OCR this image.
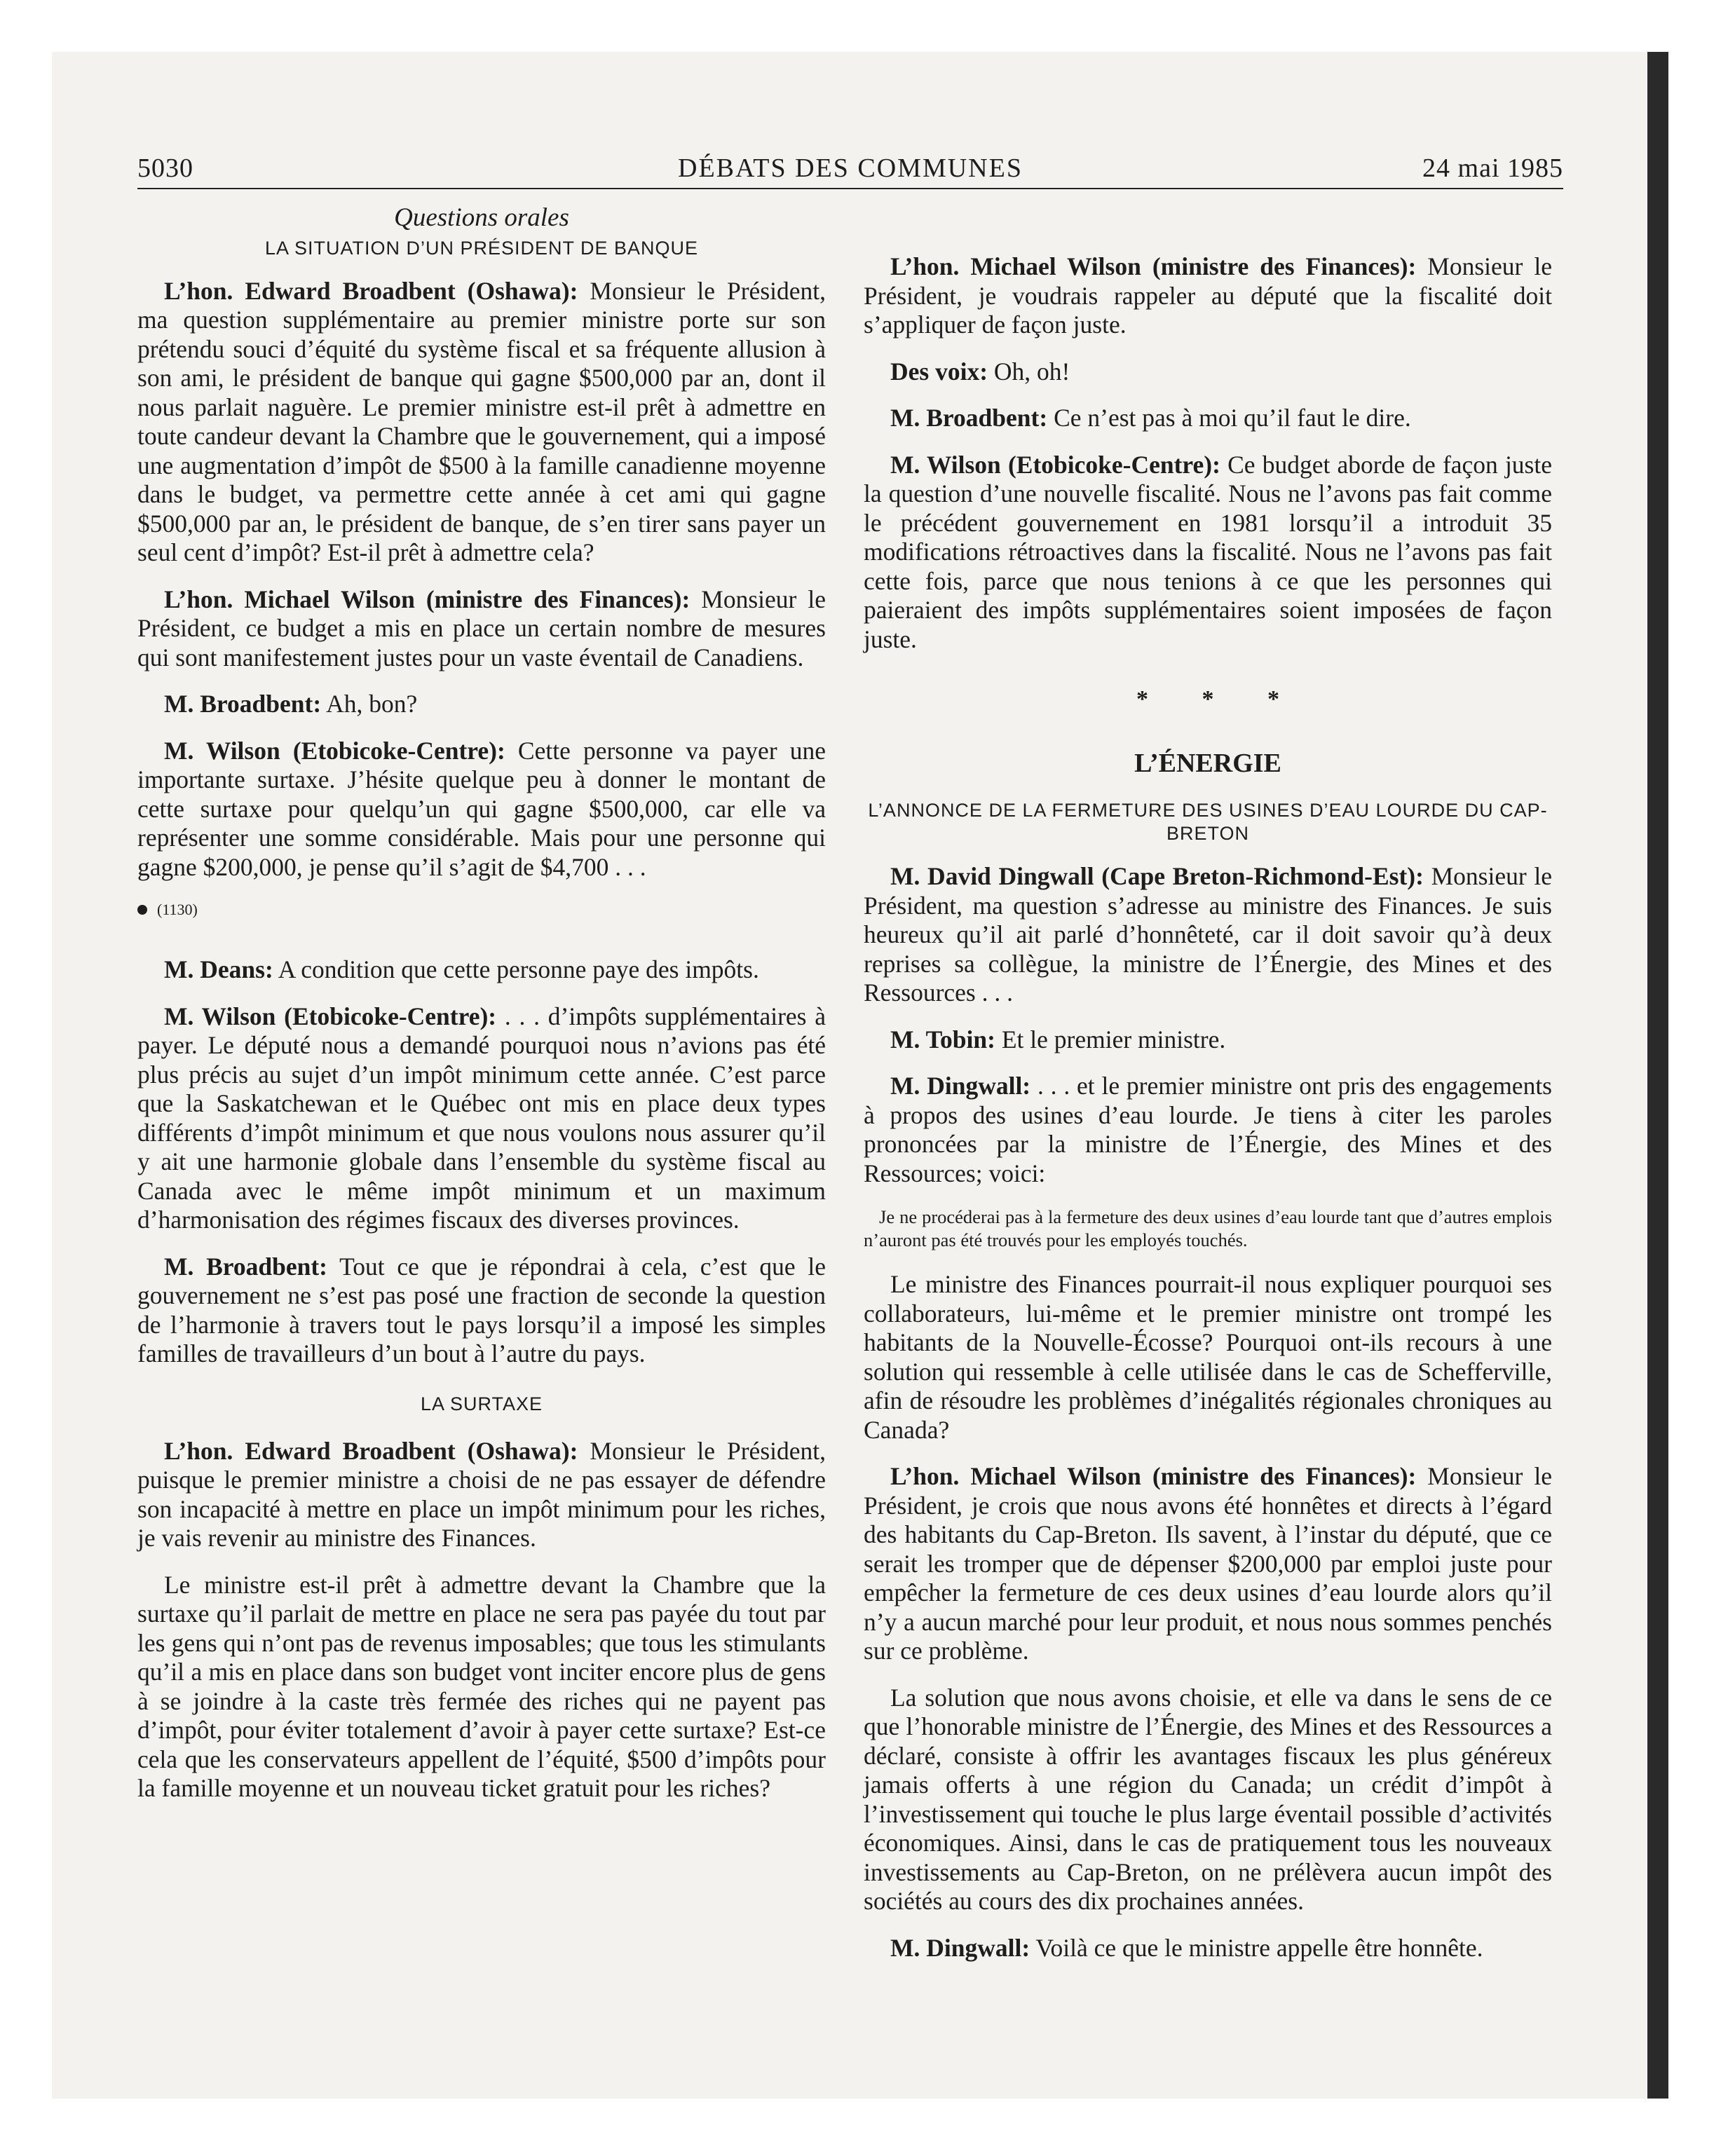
5030	DÉBATS DES COMMUNES	24 mai 1985
Questions orales
LA SITUATION D’UN PRÉSIDENT DE BANQUE

L’hon. Edward Broadbent (Oshawa): Monsieur le Président, ma question supplémentaire au premier ministre porte sur son prétendu souci d’équité du système fiscal et sa fréquente allusion à son ami, le président de banque qui gagne $500,000 par an, dont il nous parlait naguère. Le premier ministre est-il prêt à admettre en toute candeur devant la Chambre que le gouvernement, qui a imposé une augmentation d’impôt de $500 à la famille canadienne moyenne dans le budget, va permettre cette année à cet ami qui gagne $500,000 par an, le président de banque, de s’en tirer sans payer un seul cent d’impôt? Est-il prêt à admettre cela?

L’hon. Michael Wilson (ministre des Finances): Monsieur le Président, ce budget a mis en place un certain nombre de mesures qui sont manifestement justes pour un vaste éventail de Canadiens.

M. Broadbent: Ah, bon?

M. Wilson (Etobicoke-Centre): Cette personne va payer une importante surtaxe. J’hésite quelque peu à donner le montant de cette surtaxe pour quelqu’un qui gagne $500,000, car elle va représenter une somme considérable. Mais pour une personne qui gagne $200,000, je pense qu’il s’agit de $4,700 . . .

(1130)

M. Deans: A condition que cette personne paye des impôts.

M. Wilson (Etobicoke-Centre): . . . d’impôts supplémentaires à payer. Le député nous a demandé pourquoi nous n’avions pas été plus précis au sujet d’un impôt minimum cette année. C’est parce que la Saskatchewan et le Québec ont mis en place deux types différents d’impôt minimum et que nous voulons nous assurer qu’il y ait une harmonie globale dans l’ensemble du système fiscal au Canada avec le même impôt minimum et un maximum d’harmonisation des régimes fiscaux des diverses provinces.

M. Broadbent: Tout ce que je répondrai à cela, c’est que le gouvernement ne s’est pas posé une fraction de seconde la question de l’harmonie à travers tout le pays lorsqu’il a imposé les simples familles de travailleurs d’un bout à l’autre du pays.

LA SURTAXE

L’hon. Edward Broadbent (Oshawa): Monsieur le Président, puisque le premier ministre a choisi de ne pas essayer de défendre son incapacité à mettre en place un impôt minimum pour les riches, je vais revenir au ministre des Finances.

Le ministre est-il prêt à admettre devant la Chambre que la surtaxe qu’il parlait de mettre en place ne sera pas payée du tout par les gens qui n’ont pas de revenus imposables; que tous les stimulants qu’il a mis en place dans son budget vont inciter encore plus de gens à se joindre à la caste très fermée des riches qui ne payent pas d’impôt, pour éviter totalement d’avoir à payer cette surtaxe? Est-ce cela que les conservateurs appellent de l’équité, $500 d’impôts pour la famille moyenne et un nouveau ticket gratuit pour les riches?

L’hon. Michael Wilson (ministre des Finances): Monsieur le Président, je voudrais rappeler au député que la fiscalité doit s’appliquer de façon juste.

Des voix: Oh, oh!

M. Broadbent: Ce n’est pas à moi qu’il faut le dire.

M. Wilson (Etobicoke-Centre): Ce budget aborde de façon juste la question d’une nouvelle fiscalité. Nous ne l’avons pas fait comme le précédent gouvernement en 1981 lorsqu’il a introduit 35 modifications rétroactives dans la fiscalité. Nous ne l’avons pas fait cette fois, parce que nous tenions à ce que les personnes qui paieraient des impôts supplémentaires soient imposées de façon juste.

* * *
L’ÉNERGIE
L’ANNONCE DE LA FERMETURE DES USINES D’EAU LOURDE DU CAP-BRETON

M. David Dingwall (Cape Breton-Richmond-Est): Monsieur le Président, ma question s’adresse au ministre des Finances. Je suis heureux qu’il ait parlé d’honnêteté, car il doit savoir qu’à deux reprises sa collègue, la ministre de l’Énergie, des Mines et des Ressources . . .

M. Tobin: Et le premier ministre.

M. Dingwall: . . . et le premier ministre ont pris des engagements à propos des usines d’eau lourde. Je tiens à citer les paroles prononcées par la ministre de l’Énergie, des Mines et des Ressources; voici:

Je ne procéderai pas à la fermeture des deux usines d’eau lourde tant que d’autres emplois n’auront pas été trouvés pour les employés touchés.

Le ministre des Finances pourrait-il nous expliquer pourquoi ses collaborateurs, lui-même et le premier ministre ont trompé les habitants de la Nouvelle-Écosse? Pourquoi ont-ils recours à une solution qui ressemble à celle utilisée dans le cas de Schefferville, afin de résoudre les problèmes d’inégalités régionales chroniques au Canada?

L’hon. Michael Wilson (ministre des Finances): Monsieur le Président, je crois que nous avons été honnêtes et directs à l’égard des habitants du Cap-Breton. Ils savent, à l’instar du député, que ce serait les tromper que de dépenser $200,000 par emploi juste pour empêcher la fermeture de ces deux usines d’eau lourde alors qu’il n’y a aucun marché pour leur produit, et nous nous sommes penchés sur ce problème.

La solution que nous avons choisie, et elle va dans le sens de ce que l’honorable ministre de l’Énergie, des Mines et des Ressources a déclaré, consiste à offrir les avantages fiscaux les plus généreux jamais offerts à une région du Canada; un crédit d’impôt à l’investissement qui touche le plus large éventail possible d’activités économiques. Ainsi, dans le cas de pratiquement tous les nouveaux investissements au Cap-Breton, on ne prélèvera aucun impôt des sociétés au cours des dix prochaines années.

M. Dingwall: Voilà ce que le ministre appelle être honnête.
